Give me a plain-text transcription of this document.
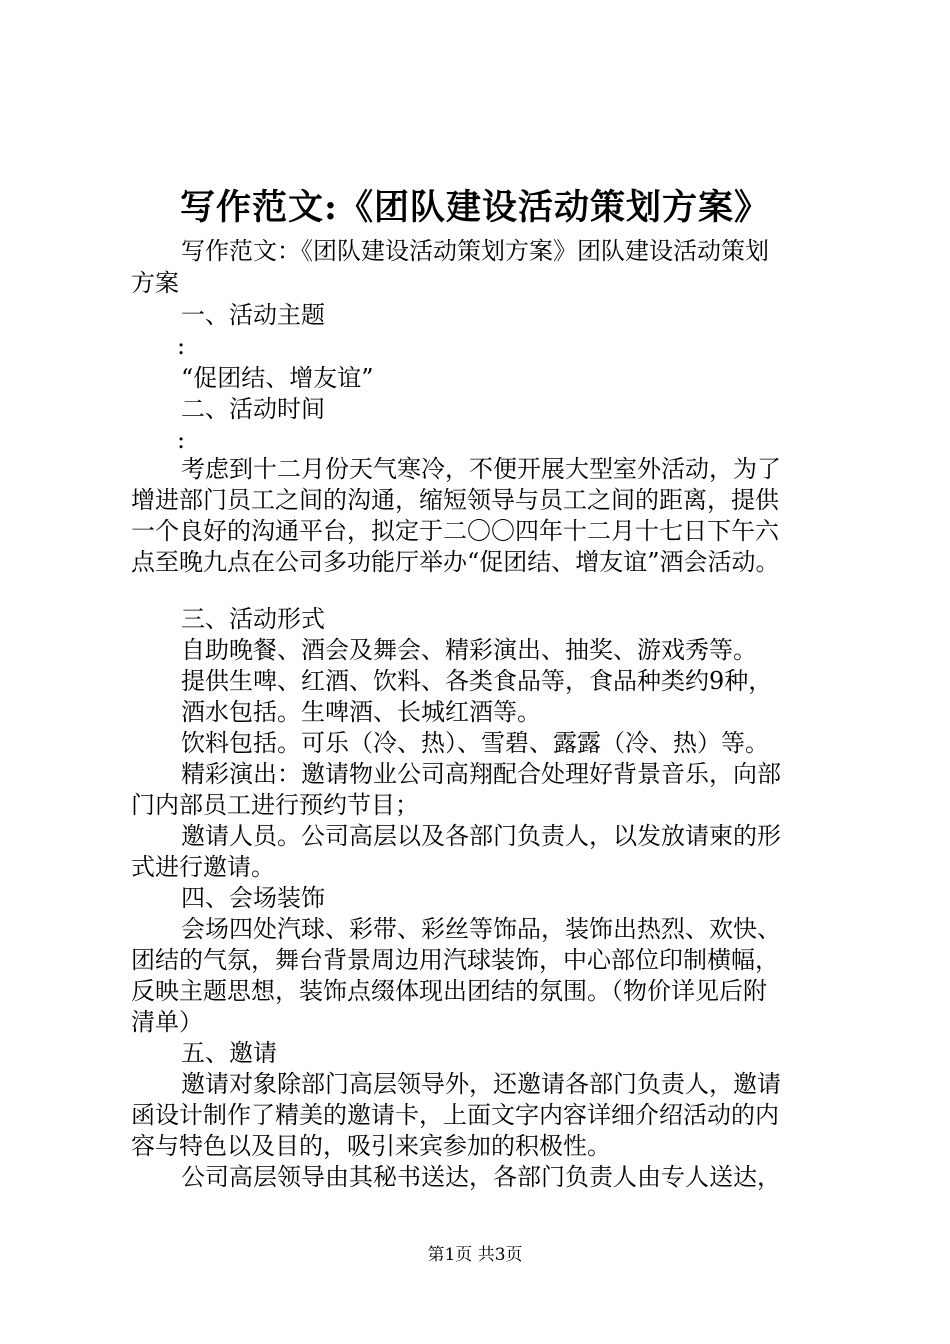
写作范文:《团队建设活动策划方案》
写作范文：《团队建设活动策划方案》团队建设活动策划
方案
一、活动主题
:
“促团结、增友谊”
二、活动时间
:
考虑到十二月份天气寒冷，不便开展大型室外活动，为了
增进部门员工之间的沟通，缩短领导与员工之间的距离，提供
一个良好的沟通平台，拟定于二〇〇四年十二月十七日下午六
点至晚九点在公司多功能厅举办“促团结、增友谊”酒会活动。
三、活动形式
自助晚餐、酒会及舞会、精彩演出、抽奖、游戏秀等。
提供生啤、红酒、饮料、各类食品等，食品种类约9种，
酒水包括。生啤酒、长城红酒等。
饮料包括。可乐（冷、热）、雪碧、露露（冷、热）等。
精彩演出：邀请物业公司高翔配合处理好背景音乐，向部
门内部员工进行预约节目；
邀请人员。公司高层以及各部门负责人，以发放请柬的形
式进行邀请。
四、会场装饰
会场四处汽球、彩带、彩丝等饰品，装饰出热烈、欢快、
团结的气氛，舞台背景周边用汽球装饰，中心部位印制横幅，
反映主题思想，装饰点缀体现出团结的氛围。（物价详见后附
清单）
五、邀请
邀请对象除部门高层领导外，还邀请各部门负责人，邀请
函设计制作了精美的邀请卡，上面文字内容详细介绍活动的内
容与特色以及目的，吸引来宾参加的积极性。
公司高层领导由其秘书送达，各部门负责人由专人送达，
第1页 共3页
